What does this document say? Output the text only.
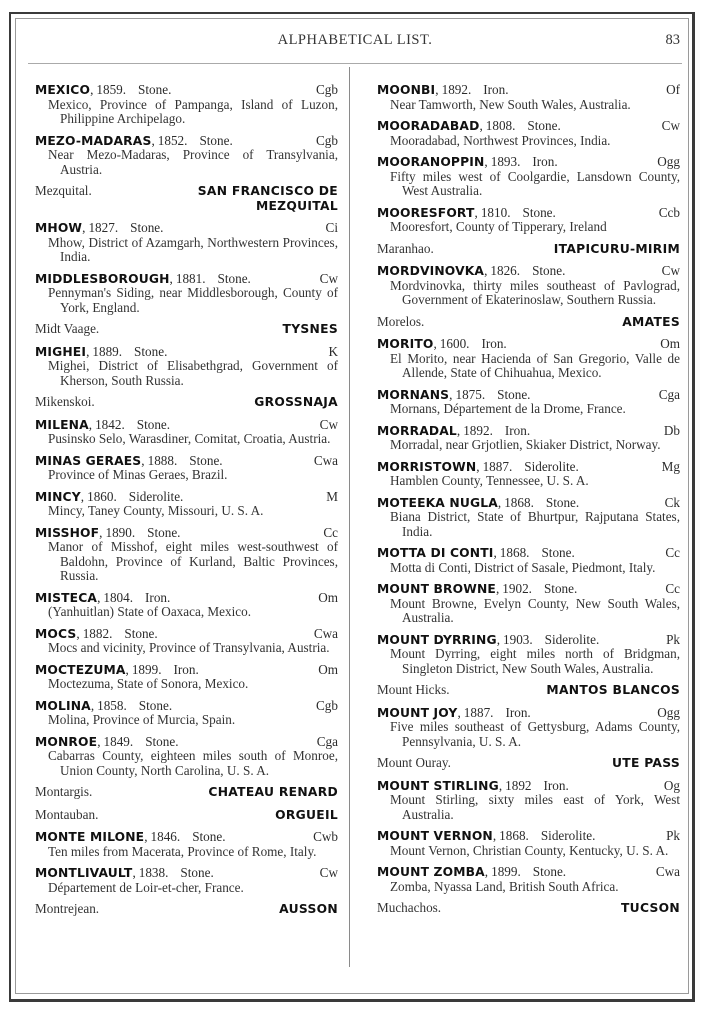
ALPHABETICAL LIST.	83
MEXICO , 1859. Stone.	Cgb
Mexico, Province of Pampanga, Island of Luzon, Philippine Archipelago.
MEZO-MADARAS , 1852. Stone.	Cgb
Near Mezo-Madaras, Province of Transylvania, Austria.
Mezquital.	SAN FRANCISCO DE MEZQUITAL
MHOW , 1827. Stone.	Ci
Mhow, District of Azamgarh, Northwestern Provinces, India.
MIDDLESBOROUGH , 1881. Stone.	Cw
Pennyman's Siding, near Middlesborough, County of York, England.
Midt Vaage.	TYSNES
MIGHEI , 1889. Stone.	K
Mighei, District of Elisabethgrad, Government of Kherson, South Russia.
Mikenskoi.	GROSSNAJA
MILENA , 1842. Stone.	Cw
Pusinsko Selo, Warasdiner, Comitat, Croatia, Austria.
MINAS GERAES , 1888. Stone.	Cwa
Province of Minas Geraes, Brazil.
MINCY , 1860. Siderolite.	M
Mincy, Taney County, Missouri, U. S. A.
MISSHOF , 1890. Stone.	Cc
Manor of Misshof, eight miles west-southwest of Baldohn, Province of Kurland, Baltic Provinces, Russia.
MISTECA , 1804. Iron.	Om
(Yanhuitlan) State of Oaxaca, Mexico.
MOCS , 1882. Stone.	Cwa
Mocs and vicinity, Province of Transylvania, Austria.
MOCTEZUMA , 1899. Iron.	Om
Moctezuma, State of Sonora, Mexico.
MOLINA , 1858. Stone.	Cgb
Molina, Province of Murcia, Spain.
MONROE , 1849. Stone.	Cga
Cabarras County, eighteen miles south of Monroe, Union County, North Carolina, U. S. A.
Montargis.	CHATEAU RENARD
Montauban.	ORGUEIL
MONTE MILONE , 1846. Stone.	Cwb
Ten miles from Macerata, Province of Rome, Italy.
MONTLIVAULT , 1838. Stone.	Cw
Département de Loir-et-cher, France.
Montrejean.	AUSSON
MOONBI , 1892. Iron.	Of
Near Tamworth, New South Wales, Australia.
MOORADABAD , 1808. Stone.	Cw
Mooradabad, Northwest Provinces, India.
MOORANOPPIN , 1893. Iron.	Ogg
Fifty miles west of Coolgardie, Lansdown County, West Australia.
MOORESFORT , 1810. Stone.	Ccb
Mooresfort, County of Tipperary, Ireland
Maranhao.	ITAPICURU-MIRIM
MORDVINOVKA , 1826. Stone.	Cw
Mordvinovka, thirty miles southeast of Pavlograd, Government of Ekaterinoslaw, Southern Russia.
Morelos.	AMATES
MORITO , 1600. Iron.	Om
El Morito, near Hacienda of San Gregorio, Valle de Allende, State of Chihuahua, Mexico.
MORNANS , 1875. Stone.	Cga
Mornans, Département de la Drome, France.
MORRADAL , 1892. Iron.	Db
Morradal, near Grjotlien, Skiaker District, Norway.
MORRISTOWN , 1887. Siderolite.	Mg
Hamblen County, Tennessee, U. S. A.
MOTEEKA NUGLA , 1868. Stone.	Ck
Biana District, State of Bhurtpur, Rajputana States, India.
MOTTA DI CONTI , 1868. Stone.	Cc
Motta di Conti, District of Sasale, Piedmont, Italy.
MOUNT BROWNE , 1902. Stone.	Cc
Mount Browne, Evelyn County, New South Wales, Australia.
MOUNT DYRRING , 1903. Siderolite.	Pk
Mount Dyrring, eight miles north of Bridgman, Singleton District, New South Wales, Australia.
Mount Hicks.	MANTOS BLANCOS
MOUNT JOY , 1887. Iron.	Ogg
Five miles southeast of Gettysburg, Adams County, Pennsylvania, U. S. A.
Mount Ouray.	UTE PASS
MOUNT STIRLING , 1892 Iron.	Og
Mount Stirling, sixty miles east of York, West Australia.
MOUNT VERNON , 1868. Siderolite.	Pk
Mount Vernon, Christian County, Kentucky, U. S. A.
MOUNT ZOMBA , 1899. Stone.	Cwa
Zomba, Nyassa Land, British South Africa.
Muchachos.	TUCSON
